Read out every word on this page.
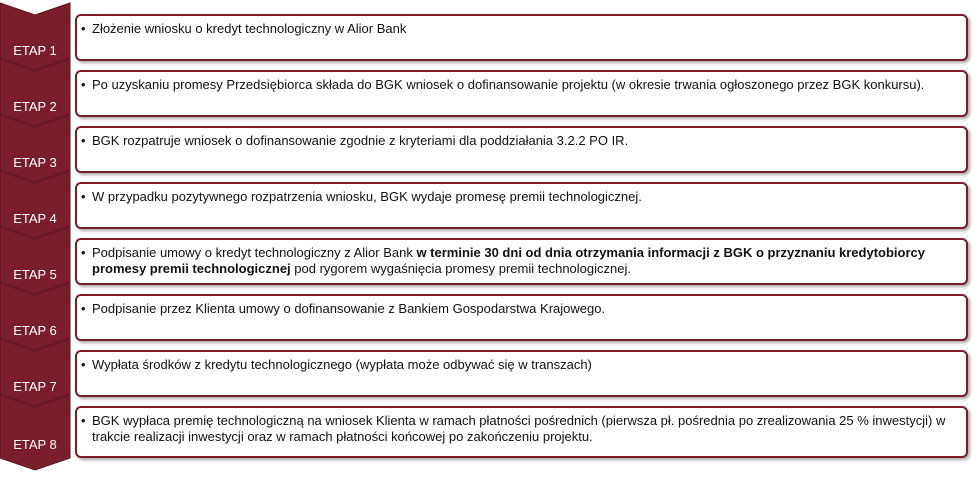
ETAP 1
ETAP 2
ETAP 3
ETAP 4
ETAP 5
ETAP 6
ETAP 7
ETAP 8
• Złożenie wniosku o kredyt technologiczny w Alior Bank
• Po uzyskaniu promesy Przedsiębiorca składa do BGK wniosek o dofinansowanie projektu (w okresie trwania ogłoszonego przez BGK konkursu).
• BGK rozpatruje wniosek o dofinansowanie zgodnie z kryteriami dla poddziałania 3.2.2 PO IR.
• W przypadku pozytywnego rozpatrzenia wniosku, BGK wydaje promesę premii technologicznej.
• Podpisanie umowy o kredyt technologiczny z Alior Bank w terminie 30 dni od dnia otrzymania informacji z BGK o przyznaniu kredytobiorcy promesy premii technologicznej pod rygorem wygaśnięcia promesy premii technologicznej.
• Podpisanie przez Klienta umowy o dofinansowanie z Bankiem Gospodarstwa Krajowego.
• Wypłata środków z kredytu technologicznego (wypłata może odbywać się w transzach)
• BGK wypłaca premię technologiczną na wniosek Klienta w ramach płatności pośrednich (pierwsza pł. pośrednia po zrealizowania 25 % inwestycji) w trakcie realizacji inwestycji oraz w ramach płatności końcowej po zakończeniu projektu.
